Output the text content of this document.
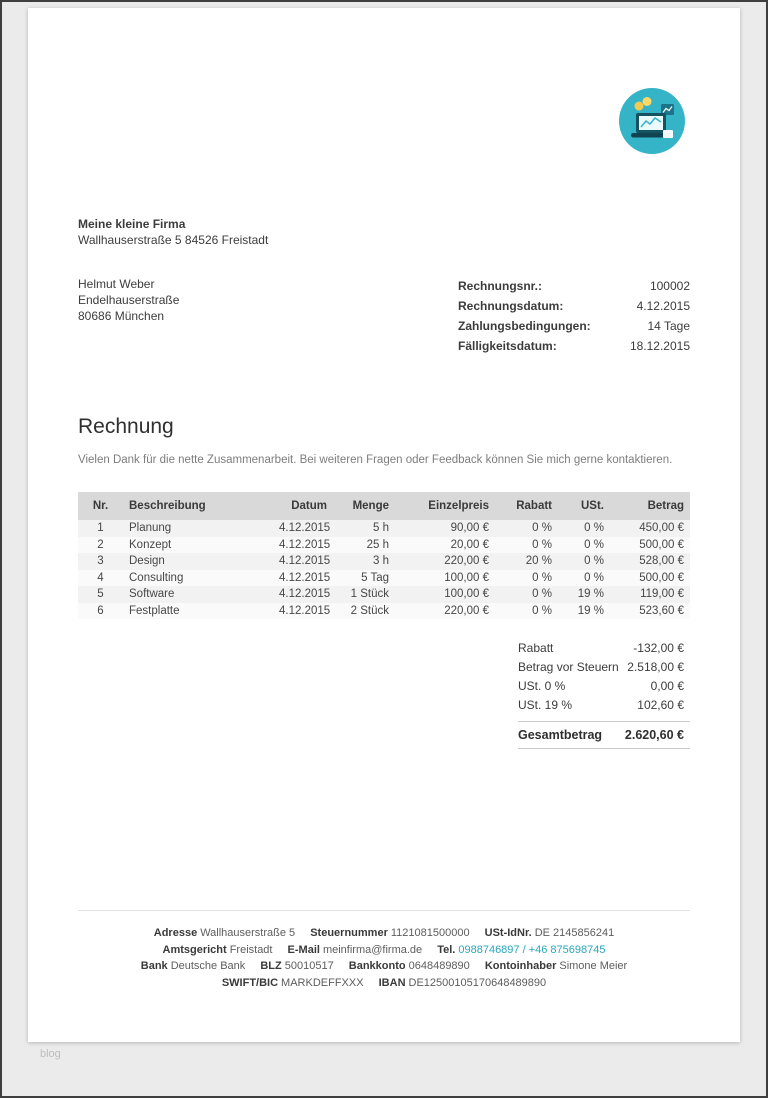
Meine kleine Firma
Wallhauserstraße 5 84526 Freistadt
Helmut Weber
Endelhauserstraße
80686 München
Rechnungsnr.:	100002
Rechnungsdatum:	4.12.2015
Zahlungsbedingungen:	14 Tage
Fälligkeitsdatum:	18.12.2015
Rechnung

Vielen Dank für die nette Zusammenarbeit. Bei weiteren Fragen oder Feedback können Sie mich gerne kontaktieren.

Nr.	Beschreibung	Datum	Menge	Einzelpreis	Rabatt	USt.	Betrag
1	Planung	4.12.2015	5 h	90,00 €	0 %	0 %	450,00 €
2	Konzept	4.12.2015	25 h	20,00 €	0 %	0 %	500,00 €
3	Design	4.12.2015	3 h	220,00 €	20 %	0 %	528,00 €
4	Consulting	4.12.2015	5 Tag	100,00 €	0 %	0 %	500,00 €
5	Software	4.12.2015	1 Stück	100,00 €	0 %	19 %	119,00 €
6	Festplatte	4.12.2015	2 Stück	220,00 €	0 %	19 %	523,60 €
Rabatt	-132,00 €
Betrag vor Steuern 2.518,00 €
USt. 0 %	0,00 €
USt. 19 %	102,60 €
Gesamtbetrag 2.620,60 €
Adresse Wallhauserstraße 5 Steuernummer 1121081500000 USt-IdNr. DE 2145856241
Amtsgericht Freistadt E-Mail meinfirma@firma.de Tel. 0988746897 / +46 875698745
Bank Deutsche Bank BLZ 50010517 Bankkonto 0648489890 Kontoinhaber Simone Meier
SWIFT/BIC MARKDEFFXXX IBAN DE12500105170648489890
blog
